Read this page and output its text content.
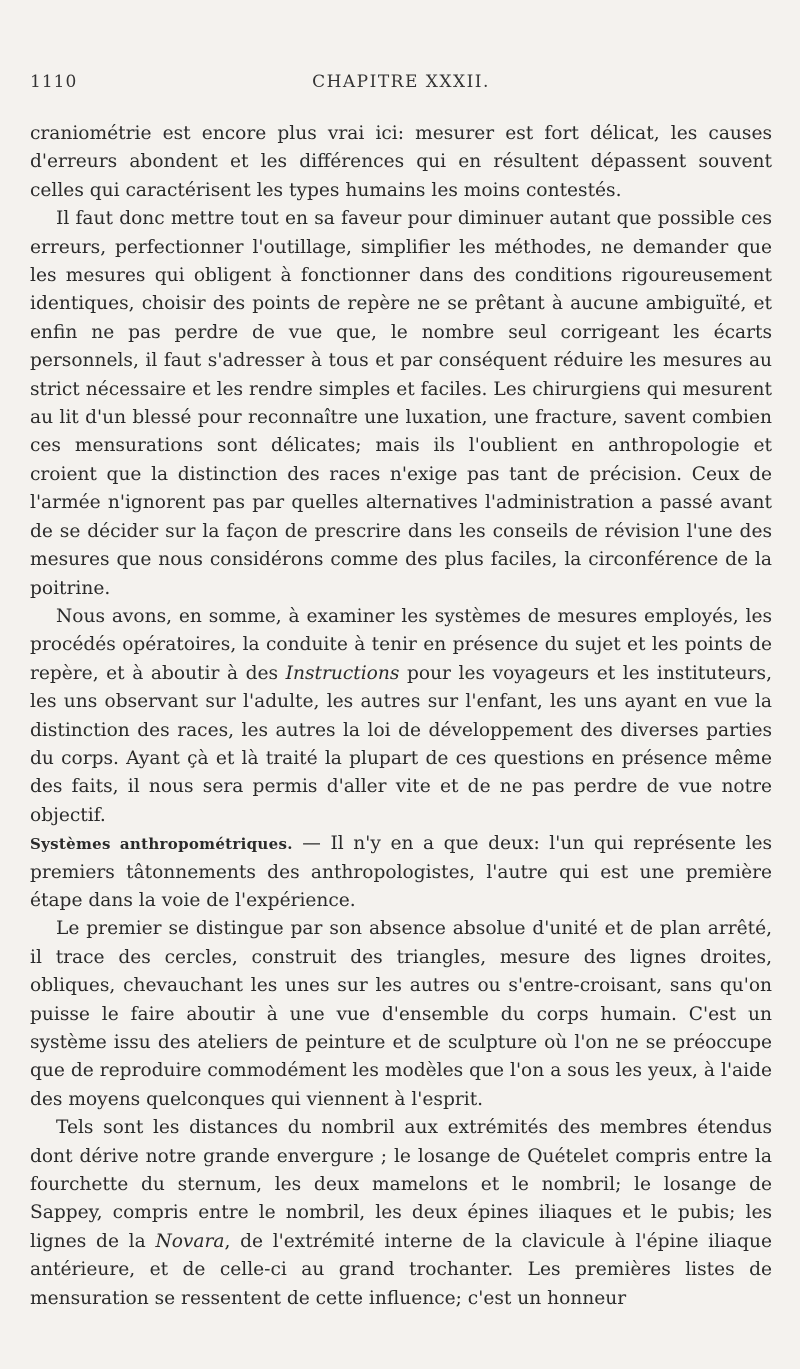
1110	CHAPITRE XXXII.

craniométrie est encore plus vrai ici: mesurer est fort délicat, les causes d'erreurs abondent et les différences qui en résultent dépassent souvent celles qui caractérisent les types humains les moins contestés.

Il faut donc mettre tout en sa faveur pour diminuer autant que possible ces erreurs, perfectionner l'outillage, simplifier les méthodes, ne demander que les mesures qui obligent à fonctionner dans des conditions rigoureusement identiques, choisir des points de repère ne se prêtant à aucune ambiguïté, et enfin ne pas perdre de vue que, le nombre seul corrigeant les écarts personnels, il faut s'adresser à tous et par conséquent réduire les mesures au strict nécessaire et les rendre simples et faciles. Les chirurgiens qui mesurent au lit d'un blessé pour reconnaître une luxation, une fracture, savent combien ces mensurations sont délicates; mais ils l'oublient en anthropologie et croient que la distinction des races n'exige pas tant de précision. Ceux de l'armée n'ignorent pas par quelles alternatives l'administration a passé avant de se décider sur la façon de prescrire dans les conseils de révision l'une des mesures que nous considérons comme des plus faciles, la circonférence de la poitrine.

Nous avons, en somme, à examiner les systèmes de mesures employés, les procédés opératoires, la conduite à tenir en présence du sujet et les points de repère, et à aboutir à des Instructions pour les voyageurs et les instituteurs, les uns observant sur l'adulte, les autres sur l'enfant, les uns ayant en vue la distinction des races, les autres la loi de développement des diverses parties du corps. Ayant çà et là traité la plupart de ces questions en présence même des faits, il nous sera permis d'aller vite et de ne pas perdre de vue notre objectif.

Systèmes anthropométriques. — Il n'y en a que deux: l'un qui représente les premiers tâtonnements des anthropologistes, l'autre qui est une première étape dans la voie de l'expérience.

Le premier se distingue par son absence absolue d'unité et de plan arrêté, il trace des cercles, construit des triangles, mesure des lignes droites, obliques, chevauchant les unes sur les autres ou s'entre-croisant, sans qu'on puisse le faire aboutir à une vue d'ensemble du corps humain. C'est un système issu des ateliers de peinture et de sculpture où l'on ne se préoccupe que de reproduire commodément les modèles que l'on a sous les yeux, à l'aide des moyens quelconques qui viennent à l'esprit.

Tels sont les distances du nombril aux extrémités des membres étendus dont dérive notre grande envergure ; le losange de Quételet compris entre la fourchette du sternum, les deux mamelons et le nombril; le losange de Sappey, compris entre le nombril, les deux épines iliaques et le pubis; les lignes de la Novara, de l'extrémité interne de la clavicule à l'épine iliaque antérieure, et de celle-ci au grand trochanter. Les premières listes de mensuration se ressentent de cette influence; c'est un honneur
